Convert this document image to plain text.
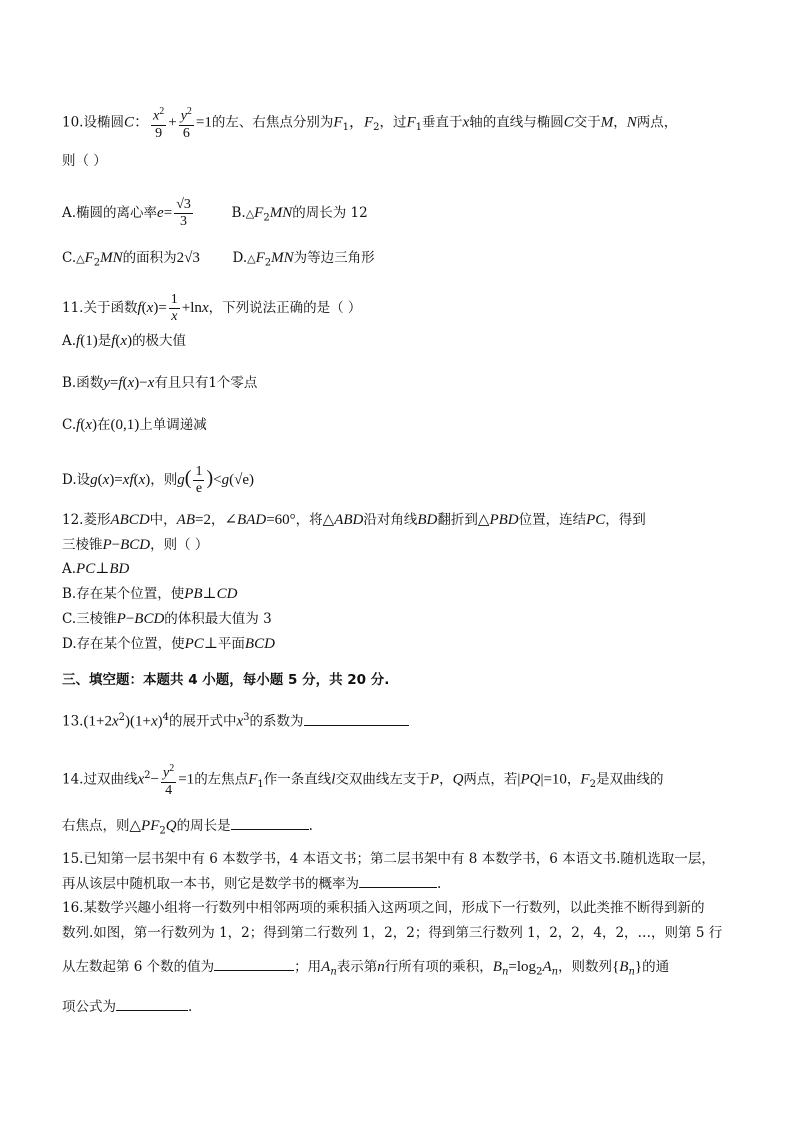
10.设椭圆C： $\frac{x^2}{9} + \frac{y^2}{6} =1$的左、右焦点分别为$F_1$，$F_2$，过$F_1$垂直于x轴的直线与椭圆C交于M，N两点，
则（ ）
A.椭圆的离心率$e= \frac{√3}{3}$	$B.\triangle F_2MN$的周长为 12
$C.\triangle F_2MN$的面积为2√3 $D.\triangle F_2MN$为等边三角形
11.关于函数$f(x)= \frac{1}{x} +\ln x$，下列说法正确的是（ ）
A.f(1)是f(x)的极大值
B.函数y=f(x)−x有且只有1个零点
C.f(x)在(0,1)上单调递减
D.设g(x)=xf(x)，则$g( \frac{1}{e} )<g(√e)$
12.菱形ABCD中，AB=2，∠BAD=60°，将△ABD沿对角线BD翻折到△PBD位置，连结PC，得到
三棱锥P−BCD，则（ ）
A.PC⊥BD
B.存在某个位置，使PB⊥CD
C.三棱锥P−BCD的体积最大值为 3
D.存在某个位置，使PC⊥平面BCD
三、填空题：本题共 4 小题，每小题 5 分，共 20 分.
$13.(1+2x^2)(1+x)^4$的展开式中$x^3$的系数为
14.过双曲线$x^2- \frac{y^2}{4} =1$的左焦点$F_1$作一条直线l交双曲线左支于P，Q两点，若|PQ|=10，$F_2$是双曲线的
右焦点，则$\triangle PF_2Q$的周长是	.
15.已知第一层书架中有 6 本数学书，4 本语文书；第二层书架中有 8 本数学书，6 本语文书.随机选取一层，
再从该层中随机取一本书，则它是数学书的概率为	.
16.某数学兴趣小组将一行数列中相邻两项的乘积插入这两项之间，形成下一行数列，以此类推不断得到新的
数列.如图，第一行数列为 1，2；得到第二行数列 1，2，2；得到第三行数列 1，2，2，4，2，…，则第 5 行
从左数起第 6 个数的值为	；用$A_n$表示第n行所有项的乘积，$B_n=\log_2A_n$，则数列$\{B_n\}$的通
项公式为	.
